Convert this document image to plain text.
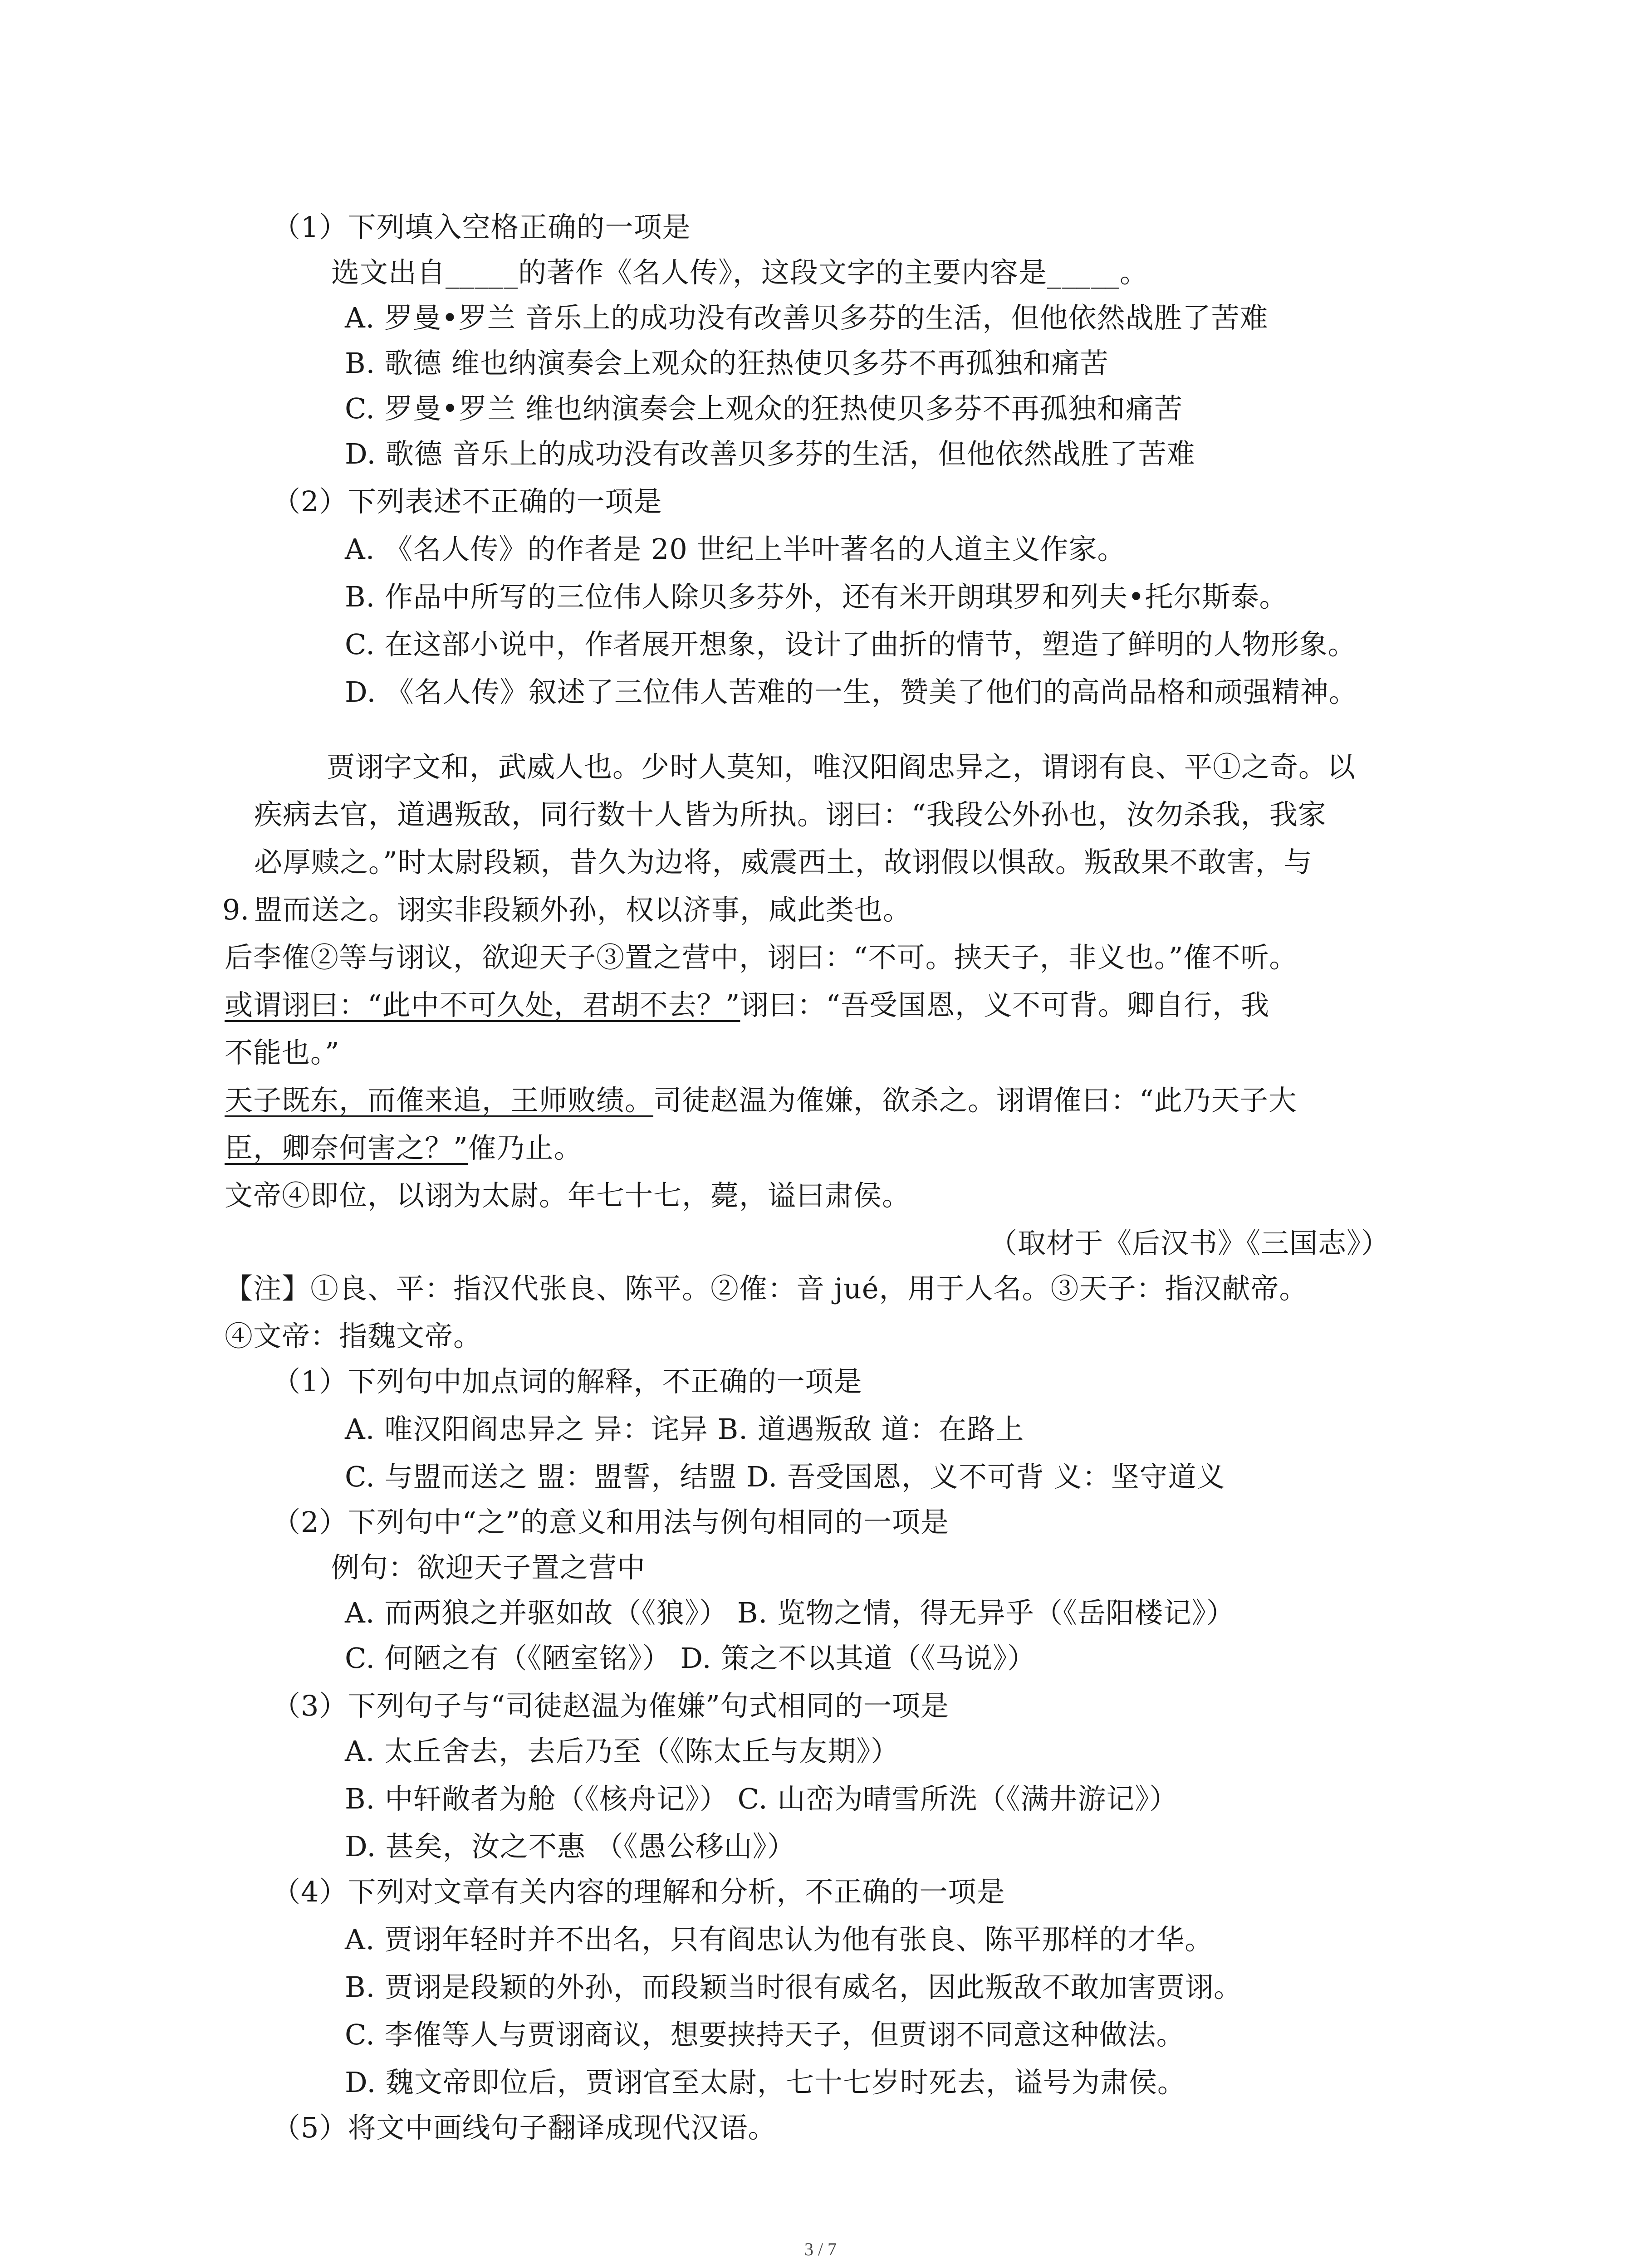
（1）下列填入空格正确的一项是
选文出自_____的著作《名人传》，这段文字的主要内容是_____。
A. 罗曼•罗兰 音乐上的成功没有改善贝多芬的生活，但他依然战胜了苦难
B. 歌德 维也纳演奏会上观众的狂热使贝多芬不再孤独和痛苦
C. 罗曼•罗兰 维也纳演奏会上观众的狂热使贝多芬不再孤独和痛苦
D. 歌德 音乐上的成功没有改善贝多芬的生活，但他依然战胜了苦难
（2）下列表述不正确的一项是
A. 《名人传》的作者是 20 世纪上半叶著名的人道主义作家。
B. 作品中所写的三位伟人除贝多芬外，还有米开朗琪罗和列夫•托尔斯泰。
C. 在这部小说中，作者展开想象，设计了曲折的情节，塑造了鲜明的人物形象。
D. 《名人传》叙述了三位伟人苦难的一生，赞美了他们的高尚品格和顽强精神。
贾诩字文和，武威人也。少时人莫知，唯汉阳阎忠异之，谓诩有良、平①之奇。以
疾病去官，道遇叛敌，同行数十人皆为所执。诩曰：“我段公外孙也，汝勿杀我，我家
必厚赎之。”时太尉段颖，昔久为边将，威震西土，故诩假以惧敌。叛敌果不敢害，与
9. 盟而送之。诩实非段颖外孙，权以济事，咸此类也。
后李傕②等与诩议，欲迎天子③置之营中，诩曰：“不可。挟天子，非义也。”傕不听。
或谓诩曰：“此中不可久处，君胡不去？”诩曰：“吾受国恩，义不可背。卿自行，我
不能也。”
天子既东，而傕来追，王师败绩。司徒赵温为傕嫌，欲杀之。诩谓傕曰：“此乃天子大
臣，卿奈何害之？”傕乃止。
文帝④即位，以诩为太尉。年七十七，薨，谥曰肃侯。
（取材于《后汉书》《三国志》）
【注】①良、平：指汉代张良、陈平。②傕：音 jué，用于人名。③天子：指汉献帝。
④文帝：指魏文帝。
（1）下列句中加点词的解释，不正确的一项是
A. 唯汉阳阎忠异之 异：诧异 B. 道遇叛敌 道：在路上
C. 与盟而送之 盟：盟誓，结盟 D. 吾受国恩，义不可背 义：坚守道义
（2）下列句中“之”的意义和用法与例句相同的一项是
例句：欲迎天子置之营中
A. 而两狼之并驱如故（《狼》） B. 览物之情，得无异乎（《岳阳楼记》）
C. 何陋之有（《陋室铭》） D. 策之不以其道（《马说》）
（3）下列句子与“司徒赵温为傕嫌”句式相同的一项是
A. 太丘舍去，去后乃至（《陈太丘与友期》）
B. 中轩敞者为舱（《核舟记》） C. 山峦为晴雪所洗（《满井游记》）
D. 甚矣，汝之不惠 （《愚公移山》）
（4）下列对文章有关内容的理解和分析，不正确的一项是
A. 贾诩年轻时并不出名，只有阎忠认为他有张良、陈平那样的才华。
B. 贾诩是段颖的外孙，而段颖当时很有威名，因此叛敌不敢加害贾诩。
C. 李傕等人与贾诩商议，想要挟持天子，但贾诩不同意这种做法。
D. 魏文帝即位后，贾诩官至太尉，七十七岁时死去，谥号为肃侯。
（5）将文中画线句子翻译成现代汉语。
3 / 7
